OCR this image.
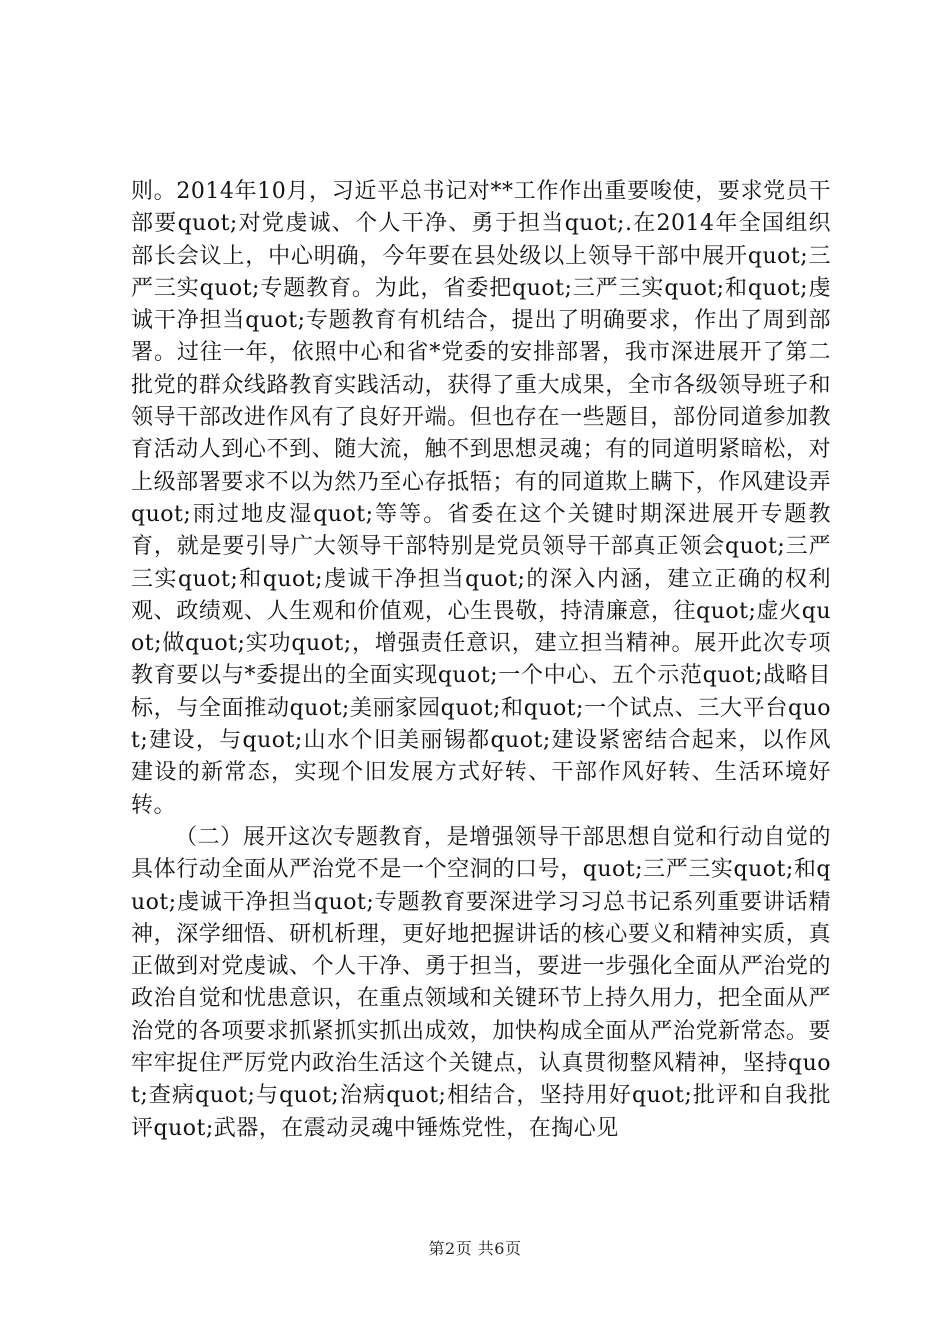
则。2014年10月，习近平总书记对**工作作出重要唆使，要求党员干部要quot;对党虔诚、个人干净、勇于担当quot;.在2014年全国组织部长会议上，中心明确，今年要在县处级以上领导干部中展开quot;三严三实quot;专题教育。为此，省委把quot;三严三实quot;和quot;虔诚干净担当quot;专题教育有机结合，提出了明确要求，作出了周到部署。过往一年，依照中心和省*党委的安排部署，我市深进展开了第二批党的群众线路教育实践活动，获得了重大成果，全市各级领导班子和领导干部改进作风有了良好开端。但也存在一些题目，部份同道参加教育活动人到心不到、随大流，触不到思想灵魂；有的同道明紧暗松，对上级部署要求不以为然乃至心存抵牾；有的同道欺上瞒下，作风建设弄quot;雨过地皮湿quot;等等。省委在这个关键时期深进展开专题教育，就是要引导广大领导干部特别是党员领导干部真正领会quot;三严三实quot;和quot;虔诚干净担当quot;的深入内涵，建立正确的权利观、政绩观、人生观和价值观，心生畏敬，持清廉意，往quot;虚火quot;做quot;实功quot;，增强责任意识，建立担当精神。展开此次专项教育要以与*委提出的全面实现quot;一个中心、五个示范quot;战略目标，与全面推动quot;美丽家园quot;和quot;一个试点、三大平台quot;建设，与quot;山水个旧美丽锡都quot;建设紧密结合起来，以作风建设的新常态，实现个旧发展方式好转、干部作风好转、生活环境好转。

（二）展开这次专题教育，是增强领导干部思想自觉和行动自觉的具体行动全面从严治党不是一个空洞的口号，quot;三严三实quot;和quot;虔诚干净担当quot;专题教育要深进学习习总书记系列重要讲话精神，深学细悟、研机析理，更好地把握讲话的核心要义和精神实质，真正做到对党虔诚、个人干净、勇于担当，要进一步强化全面从严治党的政治自觉和忧患意识，在重点领域和关键环节上持久用力，把全面从严治党的各项要求抓紧抓实抓出成效，加快构成全面从严治党新常态。要牢牢捉住严厉党内政治生活这个关键点，认真贯彻整风精神，坚持quot;查病quot;与quot;治病quot;相结合，坚持用好quot;批评和自我批评quot;武器，在震动灵魂中锤炼党性，在掏心见

第2页 共6页
